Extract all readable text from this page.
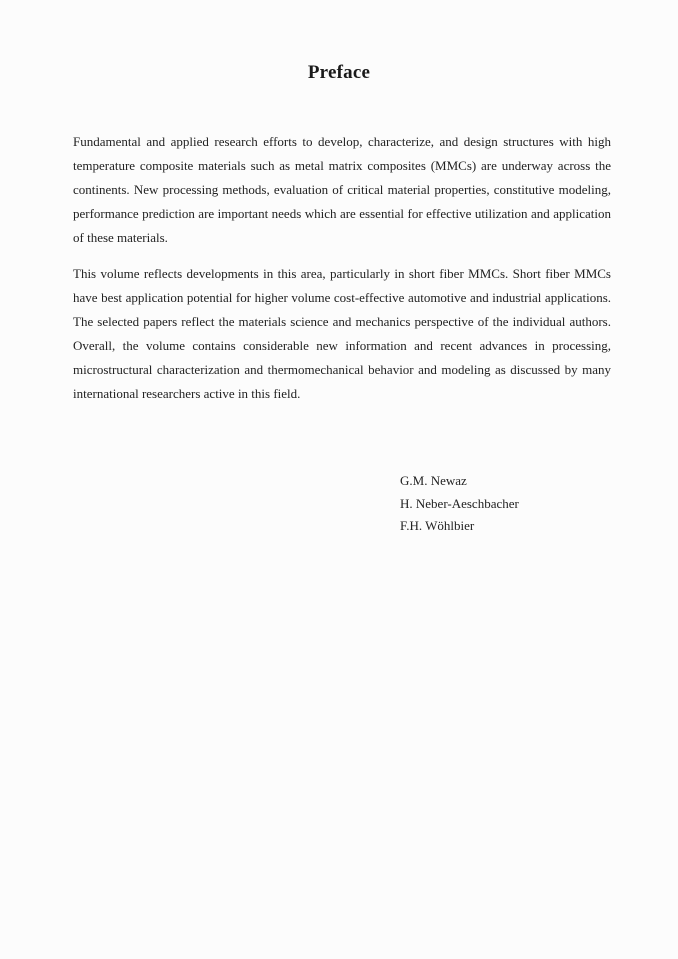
Preface

Fundamental and applied research efforts to develop, characterize, and design structures with high temperature composite materials such as metal matrix composites (MMCs) are underway across the continents. New processing methods, evaluation of critical material properties, constitutive modeling, performance prediction are important needs which are essential for effective utilization and application of these materials.

This volume reflects developments in this area, particularly in short fiber MMCs. Short fiber MMCs have best application potential for higher volume cost-effective automotive and industrial applications. The selected papers reflect the materials science and mechanics perspective of the individual authors. Overall, the volume contains considerable new information and recent advances in processing, microstructural characterization and thermomechanical behavior and modeling as discussed by many international researchers active in this field.

G.M. Newaz
H. Neber-Aeschbacher
F.H. Wöhlbier
